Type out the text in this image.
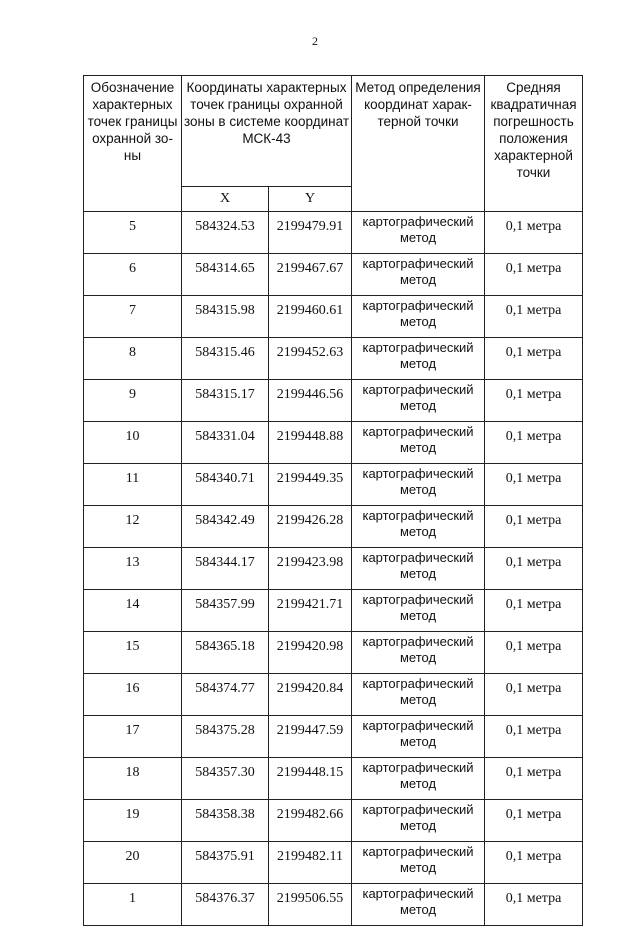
2
Обозначение характерных точек границы охранной зо-ны	Координаты характерных точек границы охранной зоны в системе координат МСК-43		Метод определения координат харак-терной точки	Средняя квадратичная погрешность положения характерной точки
	X	Y		
5	584324.53	2199479.91	картографический метод	0,1 метра
6	584314.65	2199467.67	картографический метод	0,1 метра
7	584315.98	2199460.61	картографический метод	0,1 метра
8	584315.46	2199452.63	картографический метод	0,1 метра
9	584315.17	2199446.56	картографический метод	0,1 метра
10	584331.04	2199448.88	картографический метод	0,1 метра
11	584340.71	2199449.35	картографический метод	0,1 метра
12	584342.49	2199426.28	картографический метод	0,1 метра
13	584344.17	2199423.98	картографический метод	0,1 метра
14	584357.99	2199421.71	картографический метод	0,1 метра
15	584365.18	2199420.98	картографический метод	0,1 метра
16	584374.77	2199420.84	картографический метод	0,1 метра
17	584375.28	2199447.59	картографический метод	0,1 метра
18	584357.30	2199448.15	картографический метод	0,1 метра
19	584358.38	2199482.66	картографический метод	0,1 метра
20	584375.91	2199482.11	картографический метод	0,1 метра
1	584376.37	2199506.55	картографический метод	0,1 метра
